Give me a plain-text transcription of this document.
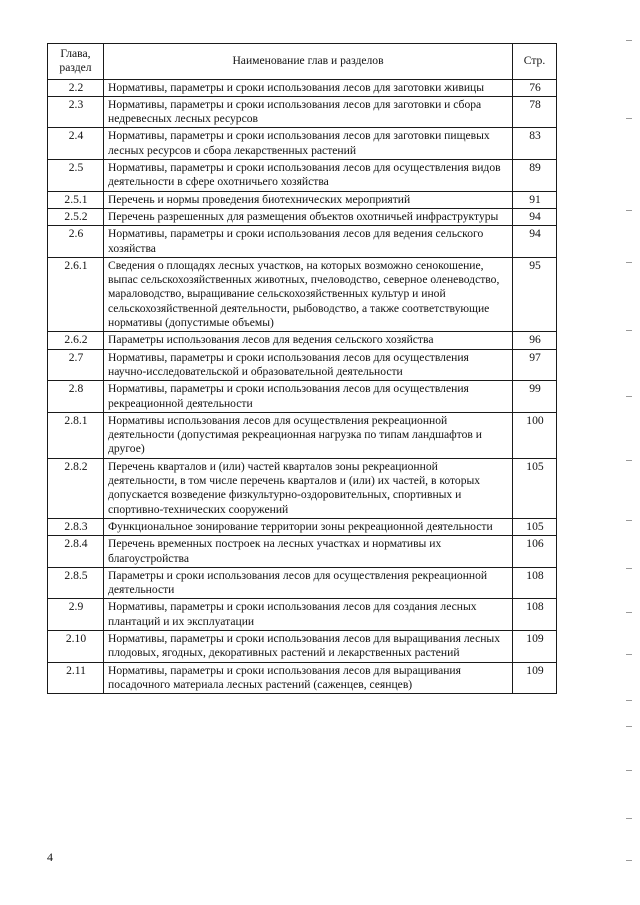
Глава, раздел	Наименование глав и разделов	Стр.
2.2	Нормативы, параметры и сроки использования лесов для заготовки живицы	76
2.3	Нормативы, параметры и сроки использования лесов для заготовки и сбора недревесных лесных ресурсов	78
2.4	Нормативы, параметры и сроки использования лесов для заготовки пищевых лесных ресурсов и сбора лекарственных растений	83
2.5	Нормативы, параметры и сроки использования лесов для осуществления видов деятельности в сфере охотничьего хозяйства	89
2.5.1	Перечень и нормы проведения биотехнических мероприятий	91
2.5.2	Перечень разрешенных для размещения объектов охотничьей инфраструктуры	94
2.6	Нормативы, параметры и сроки использования лесов для ведения сельского хозяйства	94
2.6.1	Сведения о площадях лесных участков, на которых возможно сенокошение, выпас сельскохозяйственных животных, пчеловодство, северное оленеводство, мараловодство, выращивание сельскохозяйственных культур и иной сельскохозяйственной деятельности, рыбоводство, а также соответствующие нормативы (допустимые объемы)	95
2.6.2	Параметры использования лесов для ведения сельского хозяйства	96
2.7	Нормативы, параметры и сроки использования лесов для осуществления научно-исследовательской и образовательной деятельности	97
2.8	Нормативы, параметры и сроки использования лесов для осуществления рекреационной деятельности	99
2.8.1	Нормативы использования лесов для осуществления рекреационной деятельности (допустимая рекреационная нагрузка по типам ландшафтов и другое)	100
2.8.2	Перечень кварталов и (или) частей кварталов зоны рекреационной деятельности, в том числе перечень кварталов и (или) их частей, в которых допускается возведение физкультурно-оздоровительных, спортивных и спортивно-технических сооружений	105
2.8.3	Функциональное зонирование территории зоны рекреационной деятельности	105
2.8.4	Перечень временных построек на лесных участках и нормативы их благоустройства	106
2.8.5	Параметры и сроки использования лесов для осуществления рекреационной деятельности	108
2.9	Нормативы, параметры и сроки использования лесов для создания лесных плантаций и их эксплуатации	108
2.10	Нормативы, параметры и сроки использования лесов для выращивания лесных плодовых, ягодных, декоративных растений и лекарственных растений	109
2.11	Нормативы, параметры и сроки использования лесов для выращивания посадочного материала лесных растений (саженцев, сеянцев)	109
4
